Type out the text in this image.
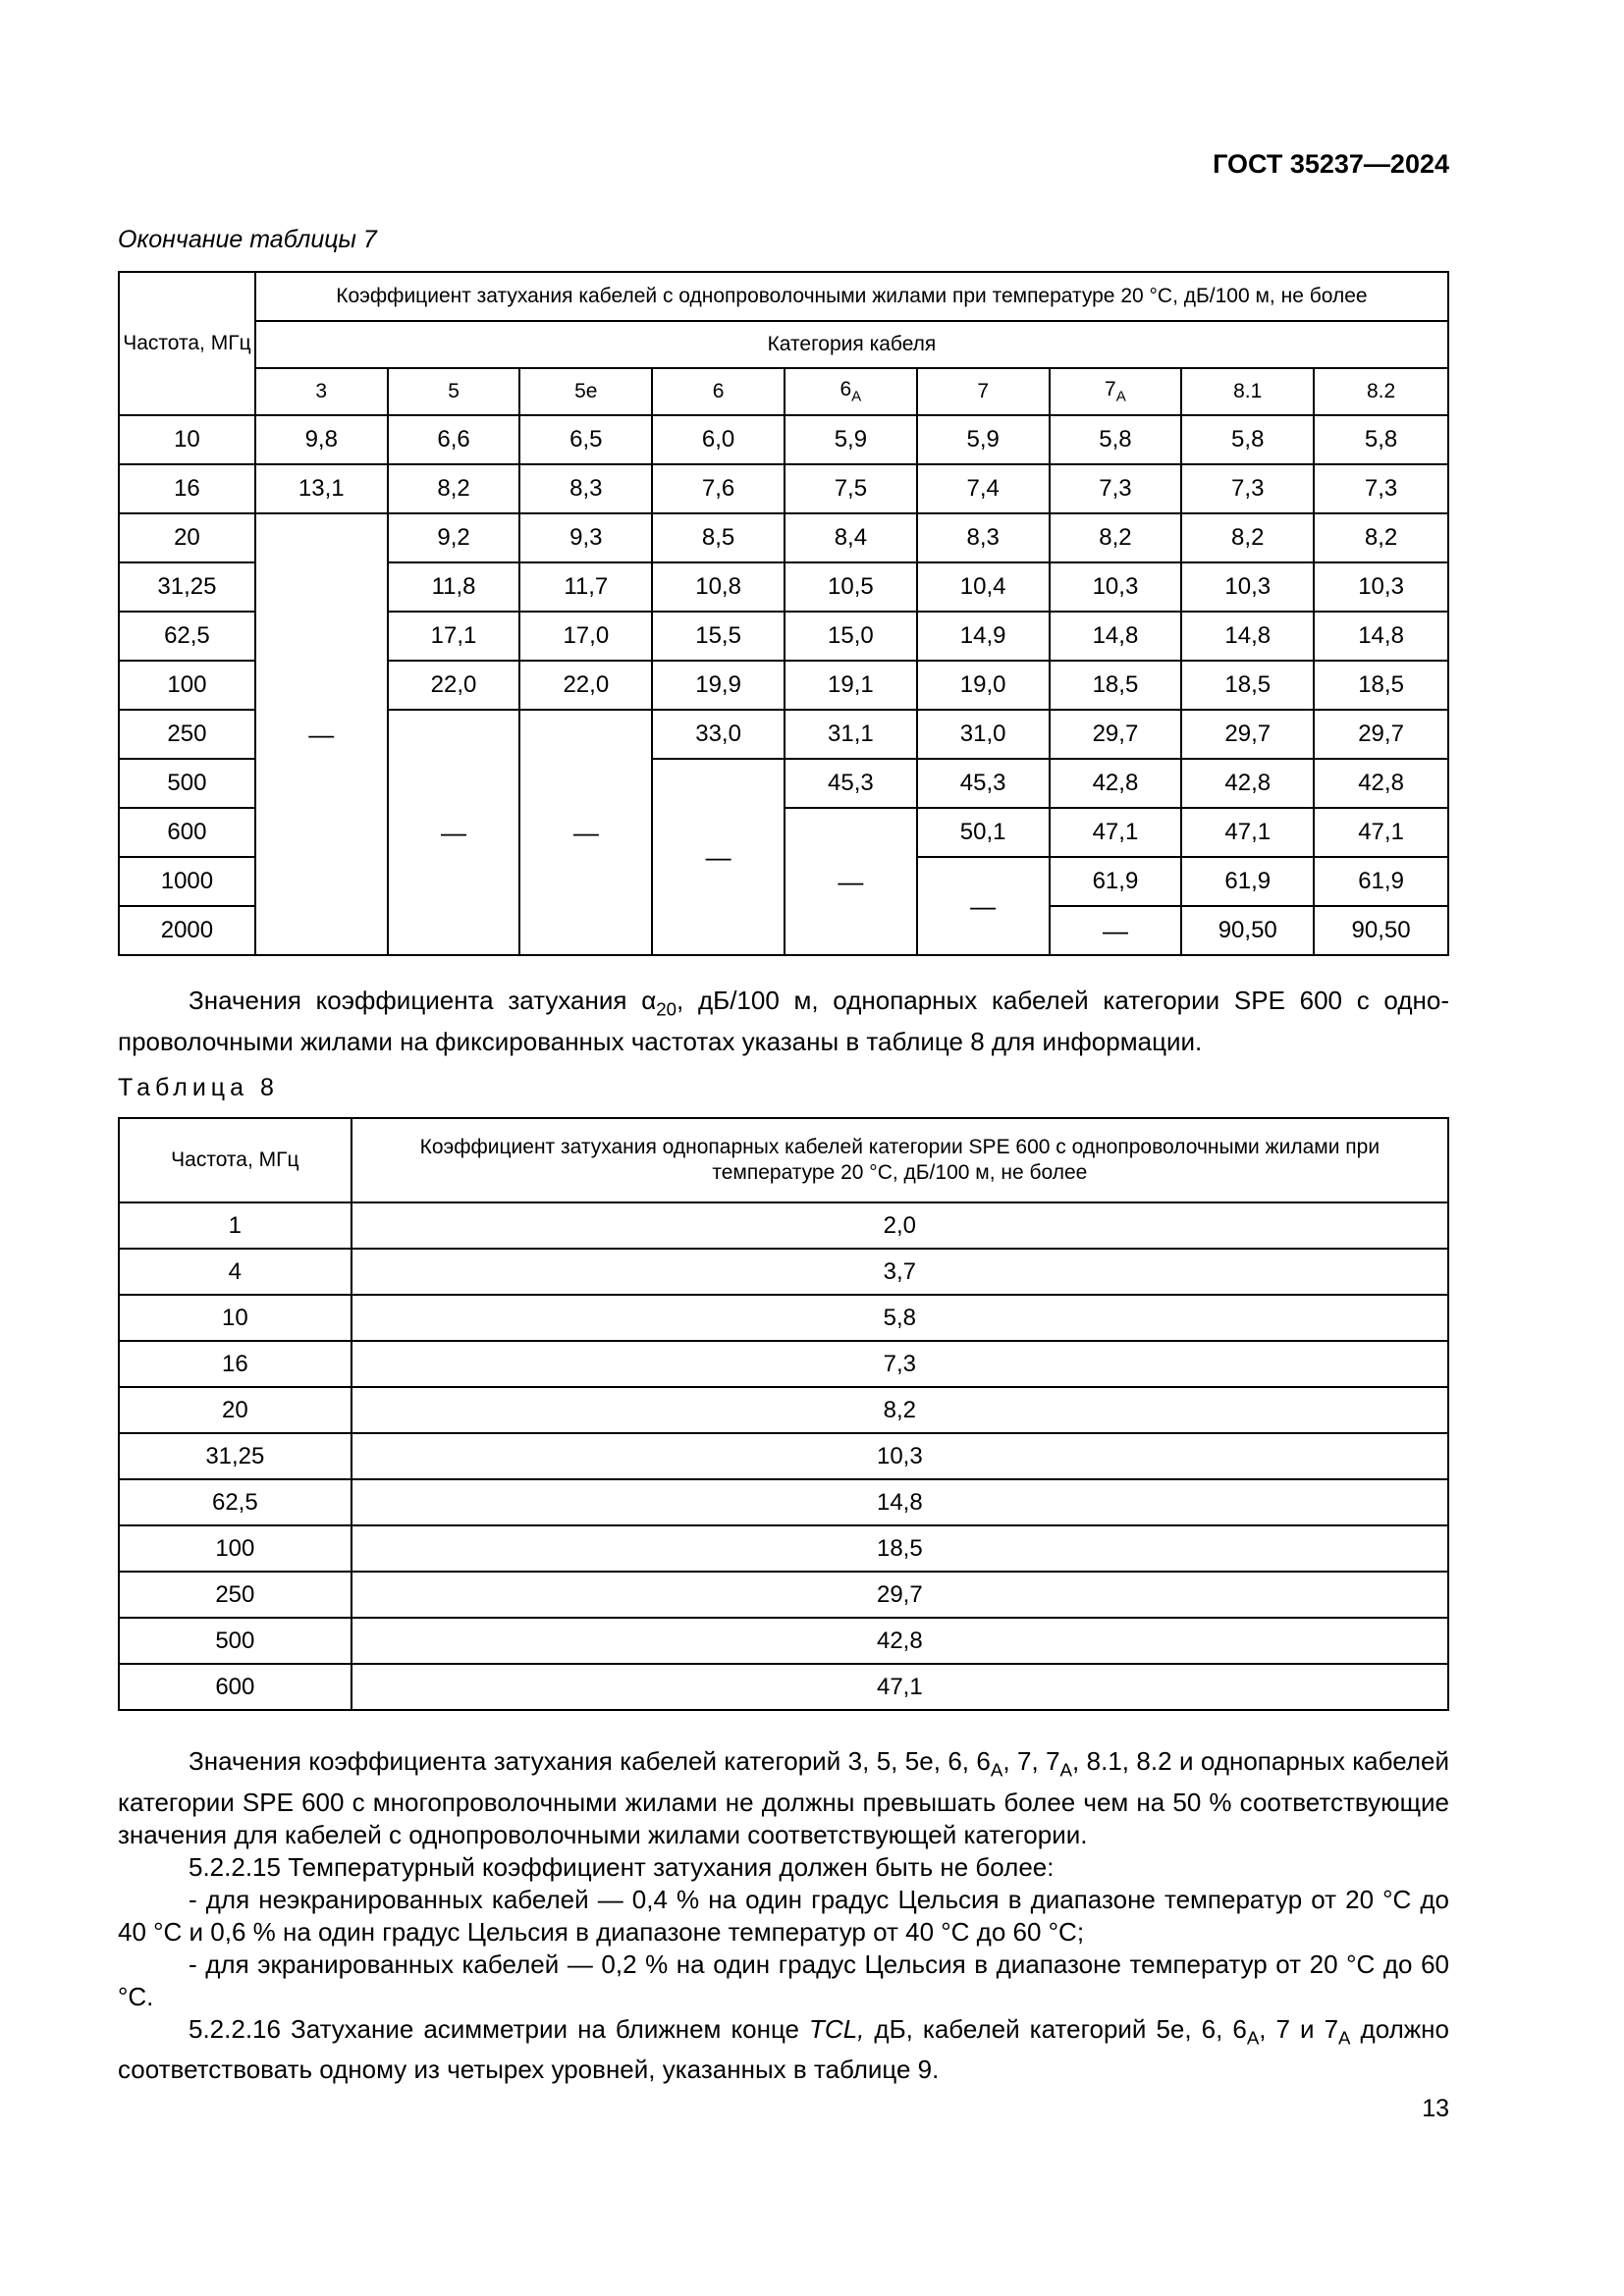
ГОСТ 35237—2024
Окончание таблицы 7
Частота, МГц	Коэффициент затухания кабелей с однопроволочными жилами при температуре 20 °C, дБ/100 м, не более								
	Категория кабеля								
	3	5	5e	6	$6_A$	7	$7_A$	8.1	8.2
10	9,8	6,6	6,5	6,0	5,9	5,9	5,8	5,8	5,8
16	13,1	8,2	8,3	7,6	7,5	7,4	7,3	7,3	7,3
20	—	9,2	9,3	8,5	8,4	8,3	8,2	8,2	8,2
31,25		11,8	11,7	10,8	10,5	10,4	10,3	10,3	10,3
62,5		17,1	17,0	15,5	15,0	14,9	14,8	14,8	14,8
100		22,0	22,0	19,9	19,1	19,0	18,5	18,5	18,5
250		—	—	33,0	31,1	31,0	29,7	29,7	29,7
500				—	45,3	45,3	42,8	42,8	42,8
600					—	50,1	47,1	47,1	47,1
1000						—	61,9	61,9	61,9
2000							—	90,50	90,50

Значения коэффициента затухания $\alpha_{20}$, дБ/100 м, однопарных кабелей категории SPE 600 с однопроволочными жилами на фиксированных частотах указаны в таблице 8 для информации.

Таблица 8
Частота, МГц	Коэффициент затухания однопарных кабелей категории SPE 600 с однопроволочными жилами при температуре 20 °C, дБ/100 м, не более
1	2,0
4	3,7
10	5,8
16	7,3
20	8,2
31,25	10,3
62,5	14,8
100	18,5
250	29,7
500	42,8
600	47,1

Значения коэффициента затухания кабелей категорий 3, 5, 5e, 6, $6_A$, 7, $7_A$, 8.1, 8.2 и однопарных кабелей категории SPE 600 с многопроволочными жилами не должны превышать более чем на 50 % соответствующие значения для кабелей с однопроволочными жилами соответствующей категории.

5.2.2.15 Температурный коэффициент затухания должен быть не более:

- для неэкранированных кабелей — 0,4 % на один градус Цельсия в диапазоне температур от 20 °С до 40 °С и 0,6 % на один градус Цельсия в диапазоне температур от 40 °С до 60 °С;

- для экранированных кабелей — 0,2 % на один градус Цельсия в диапазоне температур от 20 °С до 60 °С.

5.2.2.16 Затухание асимметрии на ближнем конце TCL, дБ, кабелей категорий 5e, 6, $6_A$, 7 и $7_A$ должно соответствовать одному из четырех уровней, указанных в таблице 9.

13
